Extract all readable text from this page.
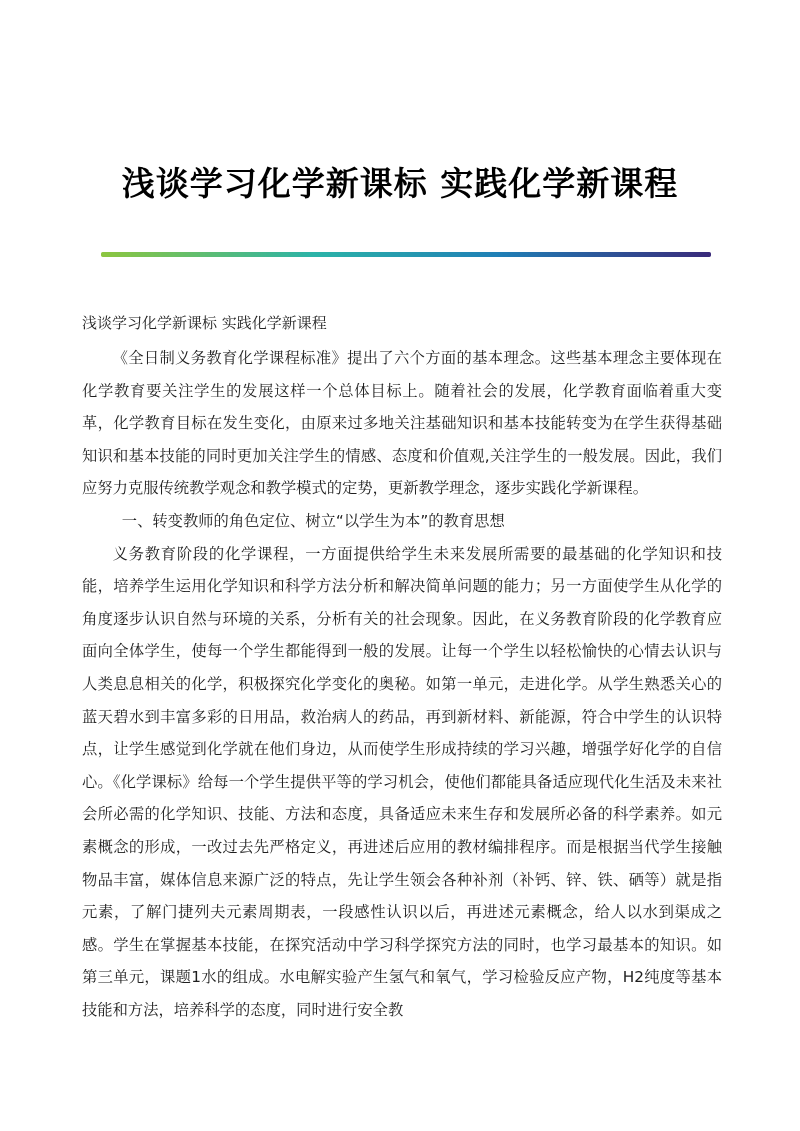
浅谈学习化学新课标 实践化学新课程
浅谈学习化学新课标 实践化学新课程

《全日制义务教育化学课程标准》提出了六个方面的基本理念。这些基本理念主要体现在化学教育要关注学生的发展这样一个总体目标上。随着社会的发展，化学教育面临着重大变革，化学教育目标在发生变化，由原来过多地关注基础知识和基本技能转变为在学生获得基础知识和基本技能的同时更加关注学生的情感、态度和价值观,关注学生的一般发展。因此，我们应努力克服传统教学观念和教学模式的定势，更新教学理念，逐步实践化学新课程。

一、转变教师的角色定位、树立“以学生为本”的教育思想

义务教育阶段的化学课程，一方面提供给学生未来发展所需要的最基础的化学知识和技能，培养学生运用化学知识和科学方法分析和解决简单问题的能力；另一方面使学生从化学的角度逐步认识自然与环境的关系，分析有关的社会现象。因此，在义务教育阶段的化学教育应面向全体学生，使每一个学生都能得到一般的发展。让每一个学生以轻松愉快的心情去认识与人类息息相关的化学，积极探究化学变化的奥秘。如第一单元，走进化学。从学生熟悉关心的蓝天碧水到丰富多彩的日用品，救治病人的药品，再到新材料、新能源，符合中学生的认识特点，让学生感觉到化学就在他们身边，从而使学生形成持续的学习兴趣，增强学好化学的自信心。《化学课标》给每一个学生提供平等的学习机会，使他们都能具备适应现代化生活及未来社会所必需的化学知识、技能、方法和态度，具备适应未来生存和发展所必备的科学素养。如元素概念的形成，一改过去先严格定义，再进述后应用的教材编排程序。而是根据当代学生接触物品丰富，媒体信息来源广泛的特点，先让学生领会各种补剂（补钙、锌、铁、硒等）就是指元素，了解门捷列夫元素周期表，一段感性认识以后，再进述元素概念，给人以水到渠成之感。学生在掌握基本技能，在探究活动中学习科学探究方法的同时，也学习最基本的知识。如第三单元，课题1水的组成。水电解实验产生氢气和氧气，学习检验反应产物，H2纯度等基本技能和方法，培养科学的态度，同时进行安全教
